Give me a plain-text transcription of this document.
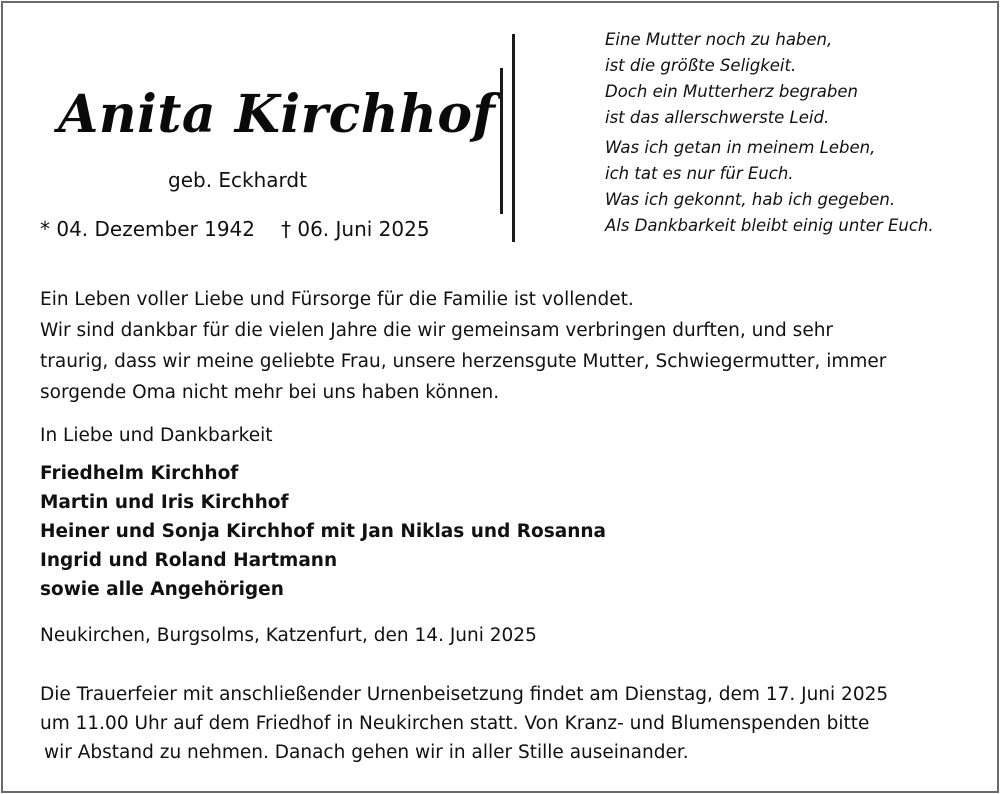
Anita Kirchhof
geb. Eckhardt
* 04. Dezember 1942 † 06. Juni 2025
Eine Mutter noch zu haben,
ist die größte Seligkeit.
Doch ein Mutterherz begraben
ist das allerschwerste Leid.
Was ich getan in meinem Leben,
ich tat es nur für Euch.
Was ich gekonnt, hab ich gegeben.
Als Dankbarkeit bleibt einig unter Euch.
Ein Leben voller Liebe und Fürsorge für die Familie ist vollendet.
Wir sind dankbar für die vielen Jahre die wir gemeinsam verbringen durften, und sehr
traurig, dass wir meine geliebte Frau, unsere herzensgute Mutter, Schwiegermutter, immer
sorgende Oma nicht mehr bei uns haben können.
In Liebe und Dankbarkeit
Friedhelm Kirchhof
Martin und Iris Kirchhof
Heiner und Sonja Kirchhof mit Jan Niklas und Rosanna
Ingrid und Roland Hartmann
sowie alle Angehörigen
Neukirchen, Burgsolms, Katzenfurt, den 14. Juni 2025
Die Trauerfeier mit anschließender Urnenbeisetzung findet am Dienstag, dem 17. Juni 2025
um 11.00 Uhr auf dem Friedhof in Neukirchen statt. Von Kranz- und Blumenspenden bitte
wir Abstand zu nehmen. Danach gehen wir in aller Stille auseinander.
